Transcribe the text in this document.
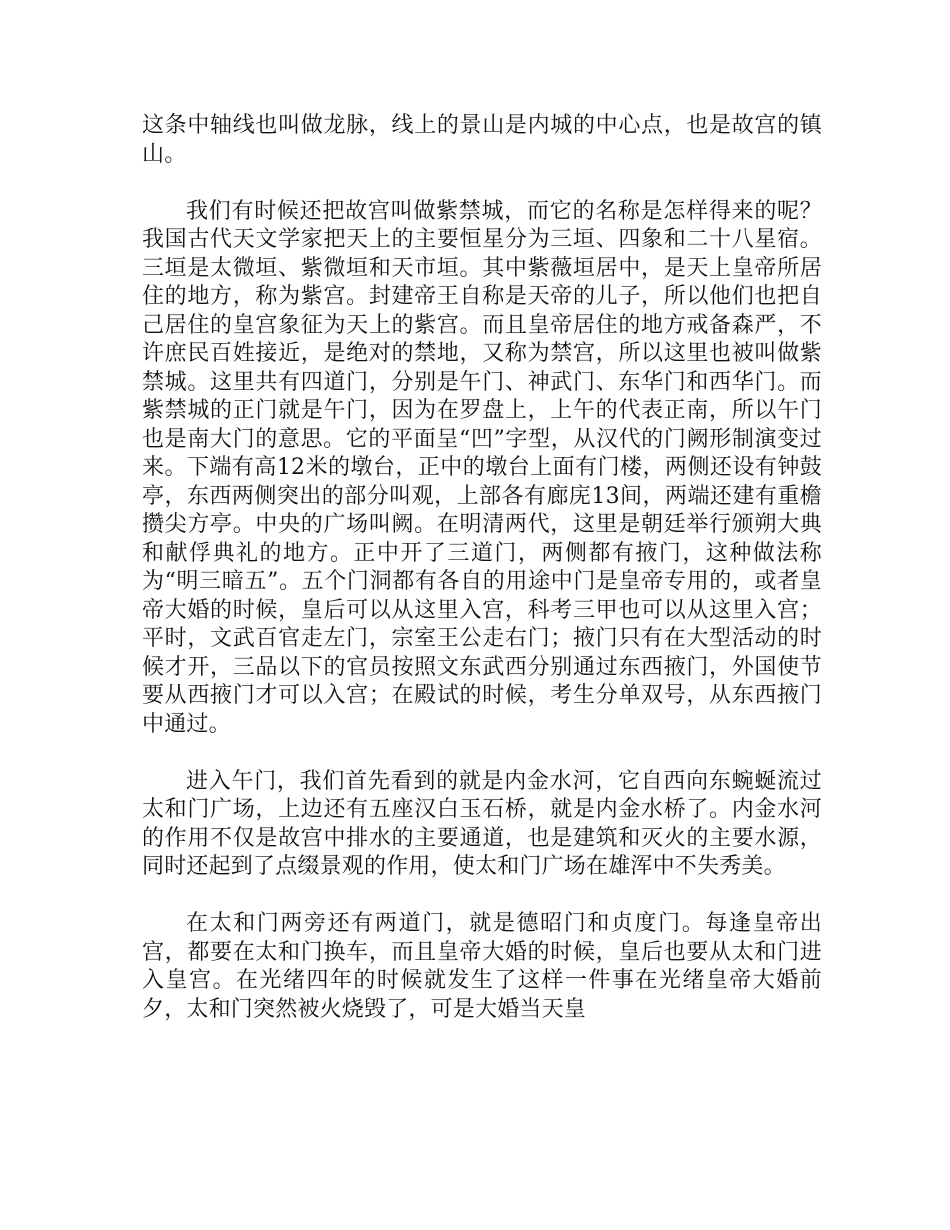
这条中轴线也叫做龙脉，线上的景山是内城的中心点，也是故宫的镇山。

我们有时候还把故宫叫做紫禁城，而它的名称是怎样得来的呢？我国古代天文学家把天上的主要恒星分为三垣、四象和二十八星宿。三垣是太微垣、紫微垣和天市垣。其中紫薇垣居中，是天上皇帝所居住的地方，称为紫宫。封建帝王自称是天帝的儿子，所以他们也把自己居住的皇宫象征为天上的紫宫。而且皇帝居住的地方戒备森严，不许庶民百姓接近，是绝对的禁地，又称为禁宫，所以这里也被叫做紫禁城。这里共有四道门，分别是午门、神武门、东华门和西华门。而紫禁城的正门就是午门，因为在罗盘上，上午的代表正南，所以午门也是南大门的意思。它的平面呈“凹”字型，从汉代的门阙形制演变过来。下端有高12米的墩台，正中的墩台上面有门楼，两侧还设有钟鼓亭，东西两侧突出的部分叫观，上部各有廊庑13间，两端还建有重檐攒尖方亭。中央的广场叫阙。在明清两代，这里是朝廷举行颁朔大典和献俘典礼的地方。正中开了三道门，两侧都有掖门，这种做法称为“明三暗五”。五个门洞都有各自的用途中门是皇帝专用的，或者皇帝大婚的时候，皇后可以从这里入宫，科考三甲也可以从这里入宫；平时，文武百官走左门，宗室王公走右门；掖门只有在大型活动的时候才开，三品以下的官员按照文东武西分别通过东西掖门，外国使节要从西掖门才可以入宫；在殿试的时候，考生分单双号，从东西掖门中通过。

进入午门，我们首先看到的就是内金水河，它自西向东蜿蜒流过太和门广场，上边还有五座汉白玉石桥，就是内金水桥了。内金水河的作用不仅是故宫中排水的主要通道，也是建筑和灭火的主要水源，同时还起到了点缀景观的作用，使太和门广场在雄浑中不失秀美。

在太和门两旁还有两道门，就是德昭门和贞度门。每逢皇帝出宫，都要在太和门换车，而且皇帝大婚的时候，皇后也要从太和门进入皇宫。在光绪四年的时候就发生了这样一件事在光绪皇帝大婚前夕，太和门突然被火烧毁了，可是大婚当天皇
